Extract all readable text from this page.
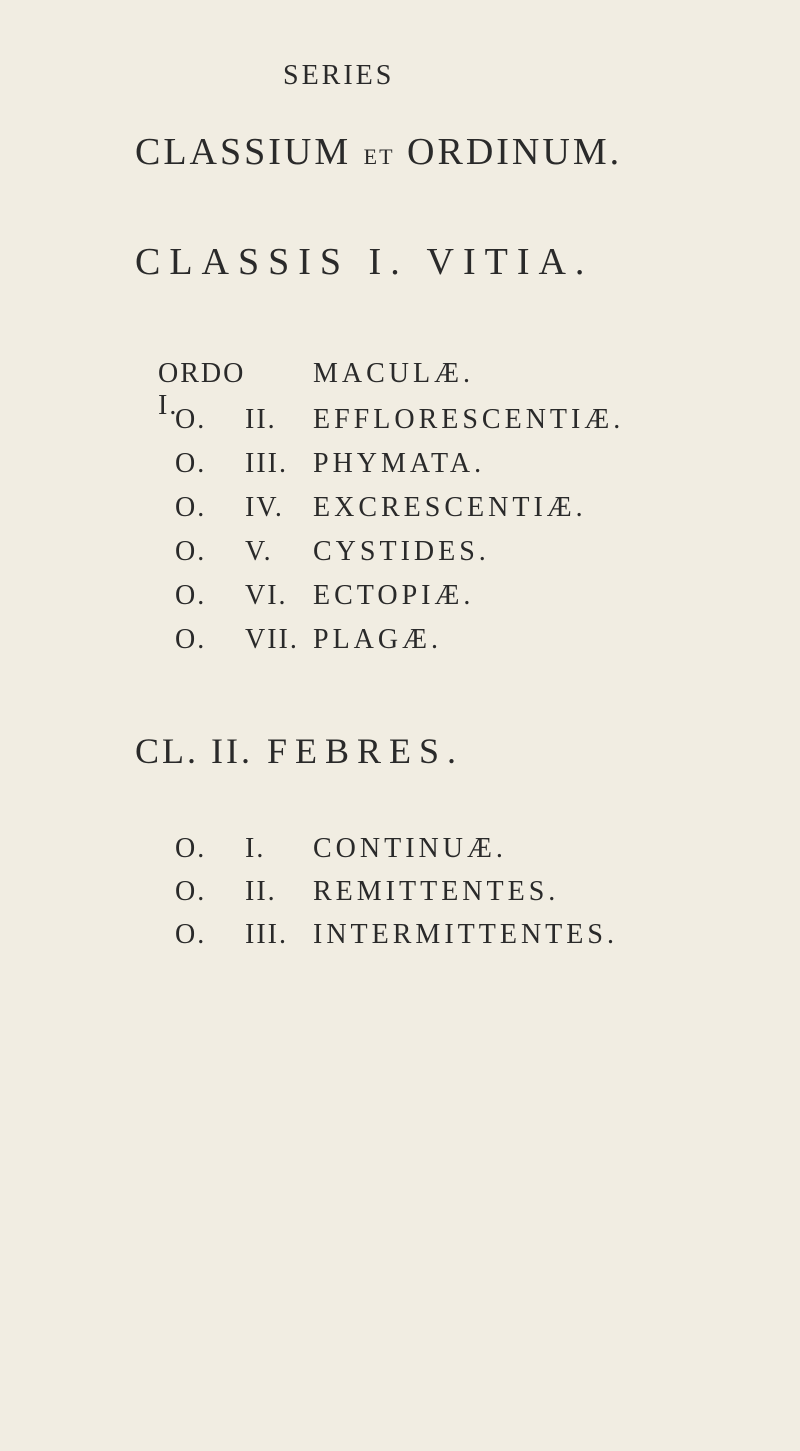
SERIES
CLASSIUM ET ORDINUM.
CLASSIS I. VITIA.
ORDO I.
MACULÆ.
O. II. EFFLORESCENTIÆ.
O. III. PHYMATA.
O. IV. EXCRESCENTIÆ.
O. V. CYSTIDES.
O. VI. ECTOPIÆ.
O. VII. PLAGÆ.
CL. II. FEBRES.
O. I. CONTINUÆ.
O. II. REMITTENTES.
O. III. INTERMITTENTES.
